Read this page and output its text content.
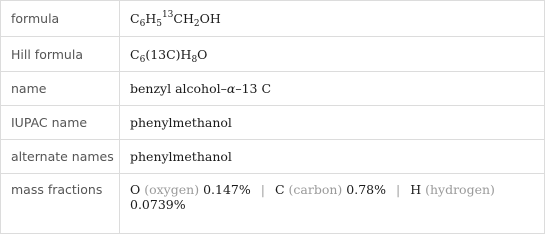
formula	$C_6H_5^{13}CH_2OH$
Hill formula	$C_6(13C)H_8O$
name	benzyl alcohol–α–13 C
IUPAC name	phenylmethanol
alternate names	phenylmethanol
mass fractions	O (oxygen) 0.147% | C (carbon) 0.78% | H (hydrogen)
0.0739%
